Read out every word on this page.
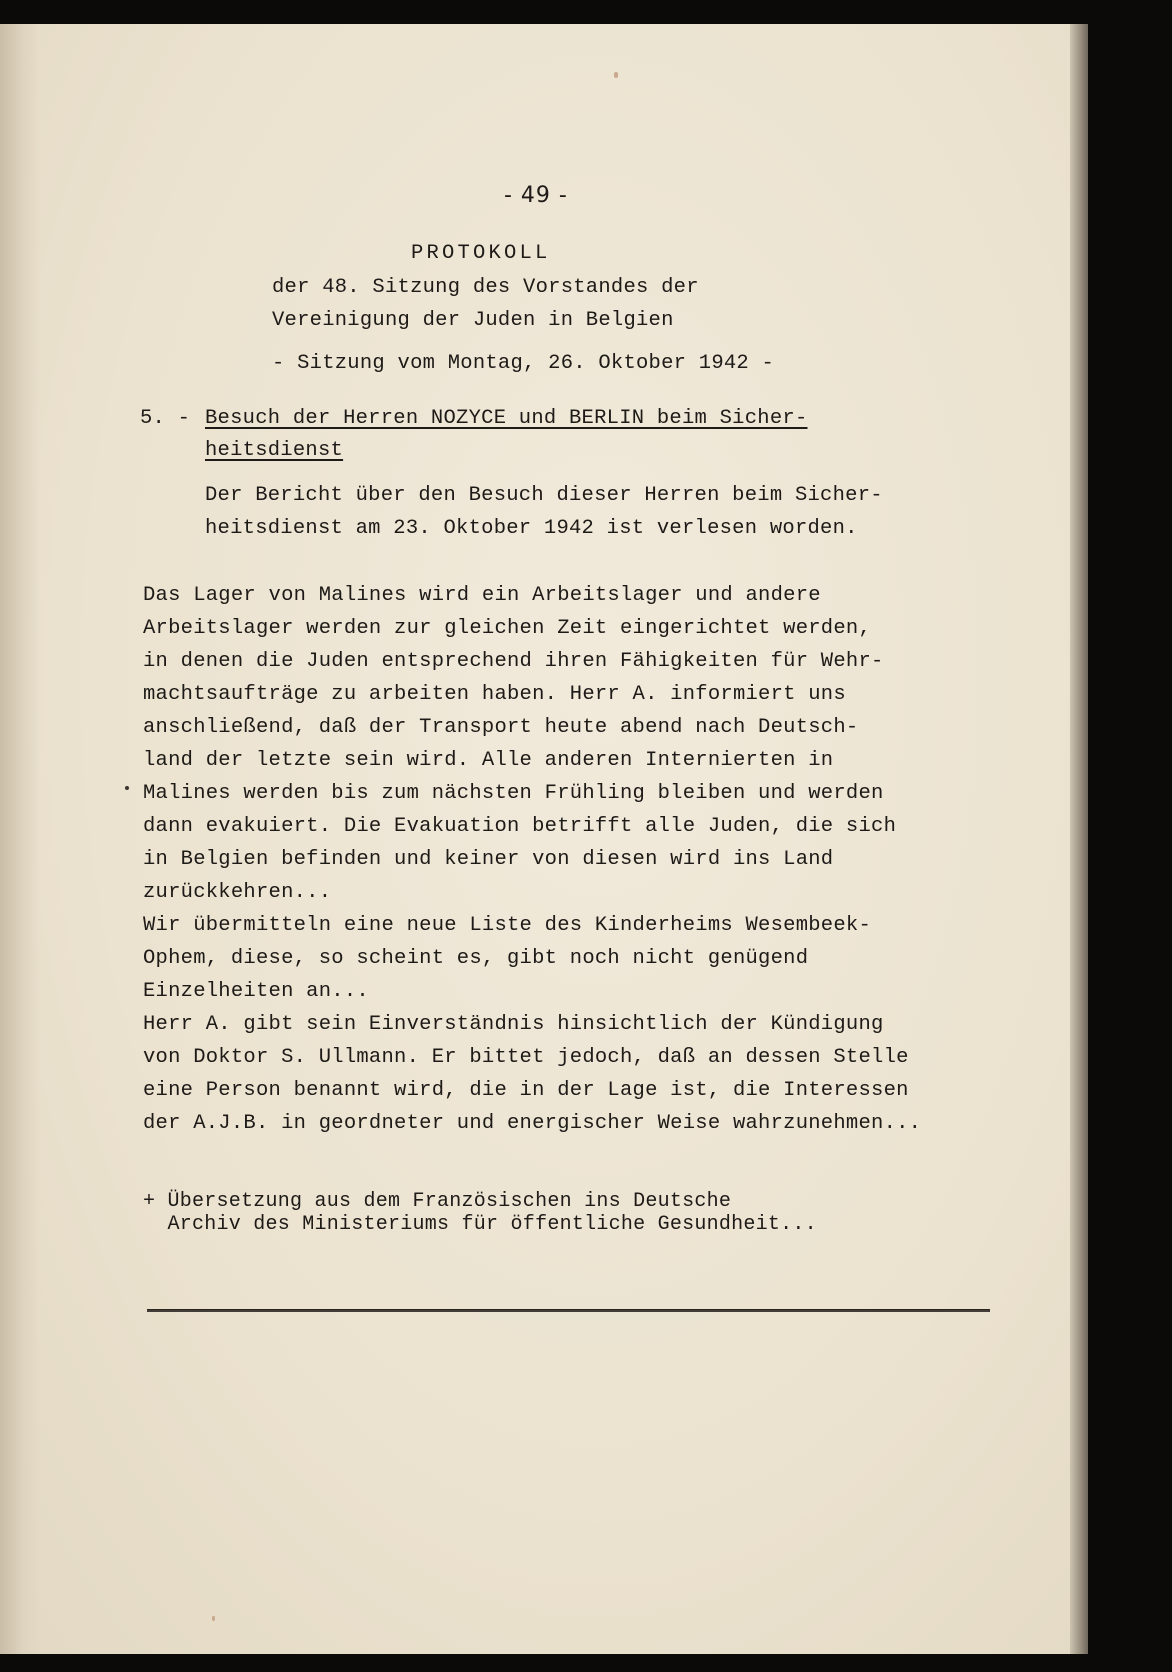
- 49 -
PROTOKOLL
der 48. Sitzung des Vorstandes der
Vereinigung der Juden in Belgien
- Sitzung vom Montag, 26. Oktober 1942 -
5. - Besuch der Herren NOZYCE und BERLIN beim Sicher-
heitsdienst
Der Bericht über den Besuch dieser Herren beim Sicher-
heitsdienst am 23. Oktober 1942 ist verlesen worden.
Das Lager von Malines wird ein Arbeitslager und andere
Arbeitslager werden zur gleichen Zeit eingerichtet werden,
in denen die Juden entsprechend ihren Fähigkeiten für Wehr-
machtsaufträge zu arbeiten haben. Herr A. informiert uns
anschließend, daß der Transport heute abend nach Deutsch-
land der letzte sein wird. Alle anderen Internierten in
Malines werden bis zum nächsten Frühling bleiben und werden
dann evakuiert. Die Evakuation betrifft alle Juden, die sich
in Belgien befinden und keiner von diesen wird ins Land
zurückkehren...
Wir übermitteln eine neue Liste des Kinderheims Wesembeek-
Ophem, diese, so scheint es, gibt noch nicht genügend
Einzelheiten an...
Herr A. gibt sein Einverständnis hinsichtlich der Kündigung
von Doktor S. Ullmann. Er bittet jedoch, daß an dessen Stelle
eine Person benannt wird, die in der Lage ist, die Interessen
der A.J.B. in geordneter und energischer Weise wahrzunehmen...
+ Übersetzung aus dem Französischen ins Deutsche
Archiv des Ministeriums für öffentliche Gesundheit...
